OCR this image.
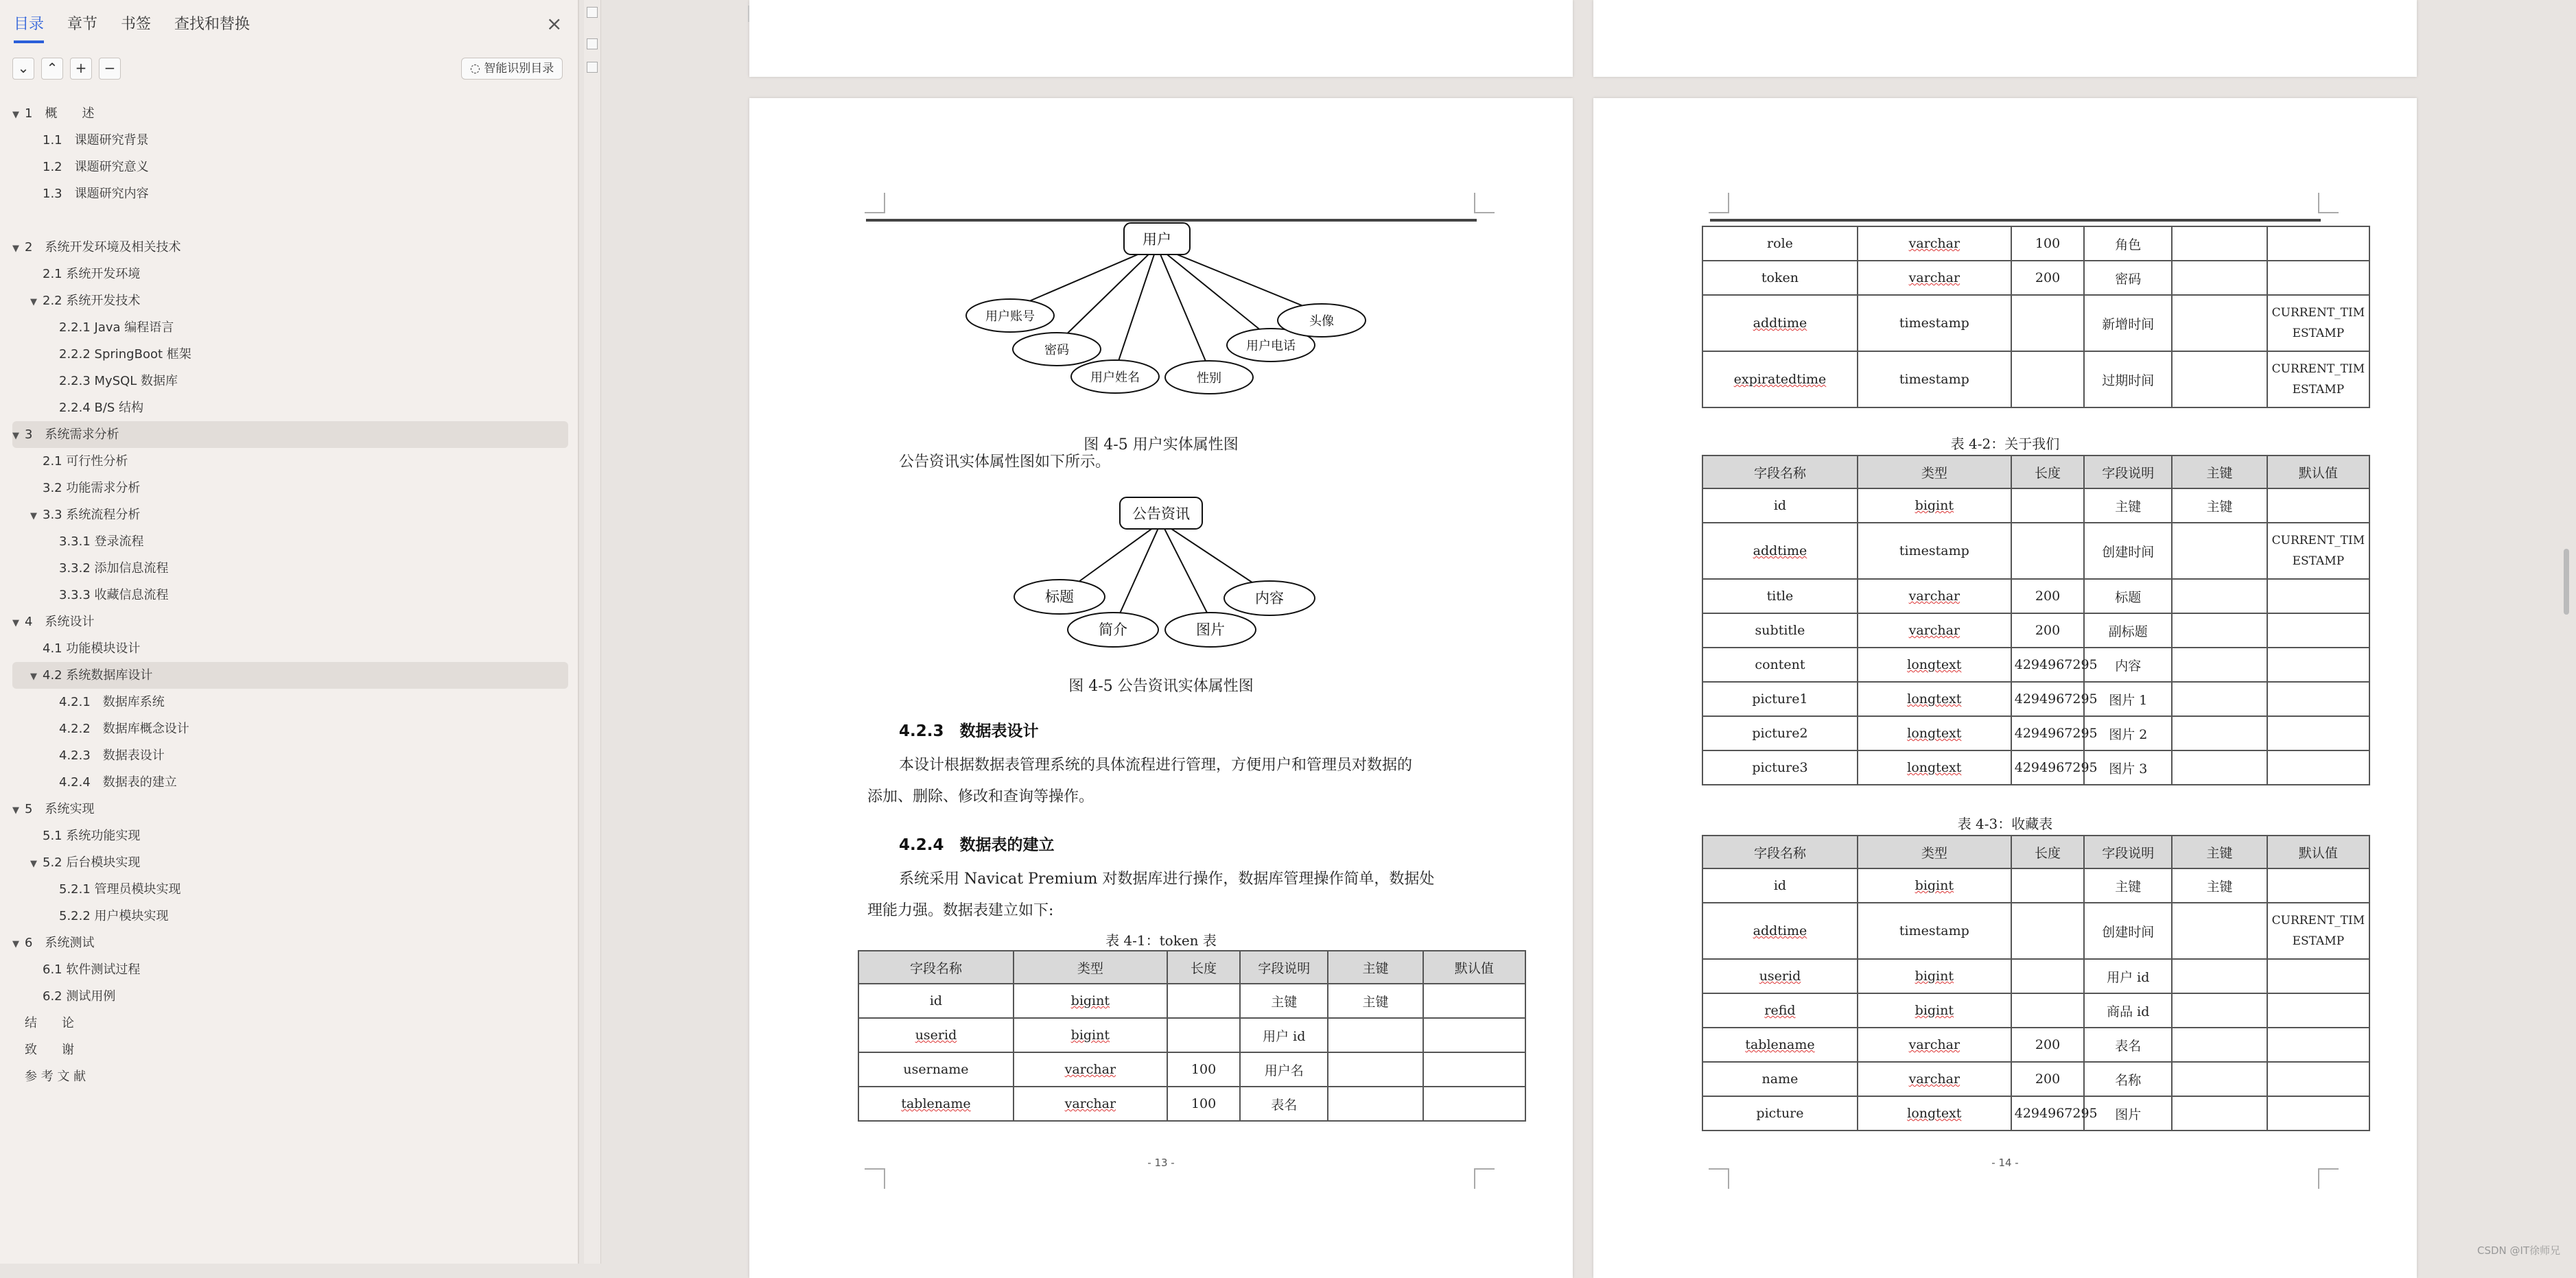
目录 章节 书签 查找和替换	×
⌄	⌃	+	−	◌ 智能识别目录
▼ 1　概　　述
1.1　课题研究背景
1.2　课题研究意义
1.3　课题研究内容
▼ 2　系统开发环境及相关技术
2.1 系统开发环境
▼ 2.2 系统开发技术
2.2.1 Java 编程语言
2.2.2 SpringBoot 框架
2.2.3 MySQL 数据库
2.2.4 B/S 结构
▼ 3　系统需求分析
2.1 可行性分析
3.2 功能需求分析
▼ 3.3 系统流程分析
3.3.1 登录流程
3.3.2 添加信息流程
3.3.3 收藏信息流程
▼ 4　系统设计
4.1 功能模块设计
▼ 4.2 系统数据库设计
4.2.1　数据库系统
4.2.2　数据库概念设计
4.2.3　数据表设计
4.2.4　数据表的建立
▼ 5　系统实现
5.1 系统功能实现
▼ 5.2 后台模块实现
5.2.1 管理员模块实现
5.2.2 用户模块实现
▼ 6　系统测试
6.1 软件测试过程
6.2 测试用例
结　　论
致　　谢
参 考 文 献
用户
用户账号
密码
用户姓名	性别
用户电话
头像
图 4-5 用户实体属性图
公告资讯实体属性图如下所示。
公告资讯
标题
简介	图片
内容
图 4-5 公告资讯实体属性图
4.2.3　数据表设计
本设计根据数据表管理系统的具体流程进行管理，方便用户和管理员对数据的
添加、删除、修改和查询等操作。
4.2.4　数据表的建立
系统采用 Navicat Premium 对数据库进行操作，数据库管理操作简单，数据处
理能力强。数据表建立如下:
表 4-1：token 表
字段名称	类型	长度	字段说明	主键	默认值
id	bigint		主键	主键	
userid	bigint		用户 id		
username	varchar	100	用户名		
tablename	varchar	100	表名		
- 13 -
role	varchar	100	角色		
token	varchar	200	密码		
addtime	timestamp		新增时间		CURRENT_TIMESTAMP
expiratedtime	timestamp		过期时间		CURRENT_TIMESTAMP
表 4-2：关于我们
字段名称	类型	长度	字段说明	主键	默认值
id	bigint		主键	主键	
addtime	timestamp		创建时间		CURRENT_TIMESTAMP
title	varchar	200	标题		
subtitle	varchar	200	副标题		
content	longtext	4294967295	内容		
picture1	longtext	4294967295	图片 1		
picture2	longtext	4294967295	图片 2		
picture3	longtext	4294967295	图片 3		
表 4-3：收藏表
字段名称	类型	长度	字段说明	主键	默认值
id	bigint		主键	主键	
addtime	timestamp		创建时间		CURRENT_TIMESTAMP
userid	bigint		用户 id		
refid	bigint		商品 id		
tablename	varchar	200	表名		
name	varchar	200	名称		
picture	longtext	4294967295	图片		
- 14 -
CSDN @IT徐师兄
